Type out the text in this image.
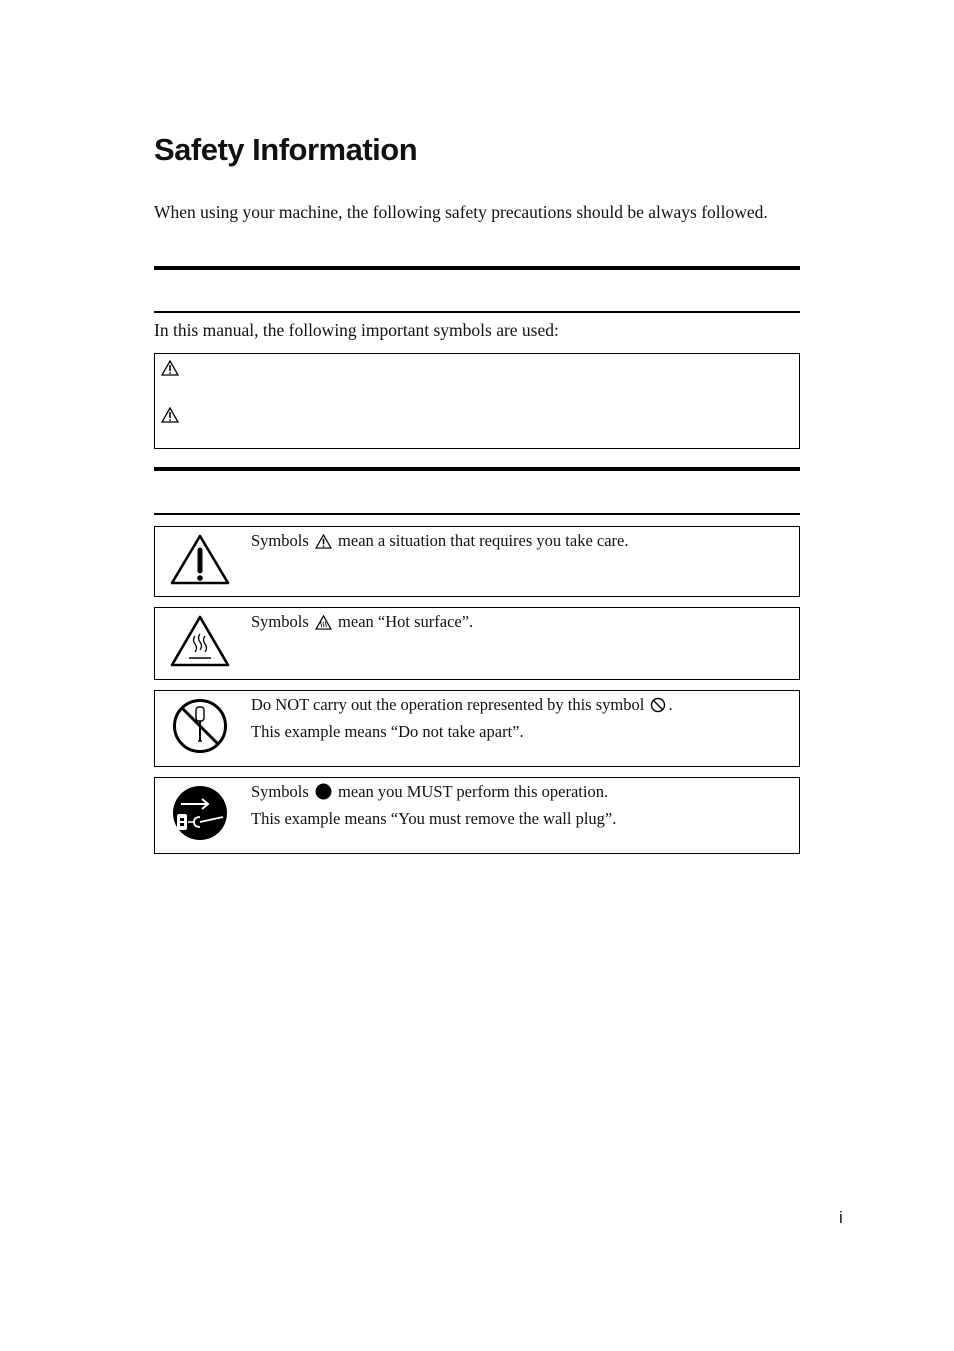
Safety Information

When using your machine, the following safety precautions should be always followed.

In this manual, the following important symbols are used:

Symbols mean a situation that requires you take care.
Symbols mean “Hot surface”.
Do NOT carry out the operation represented by this symbol .
This example means “Do not take apart”.
Symbols mean you MUST perform this operation.
This example means “You must remove the wall plug”.
i
